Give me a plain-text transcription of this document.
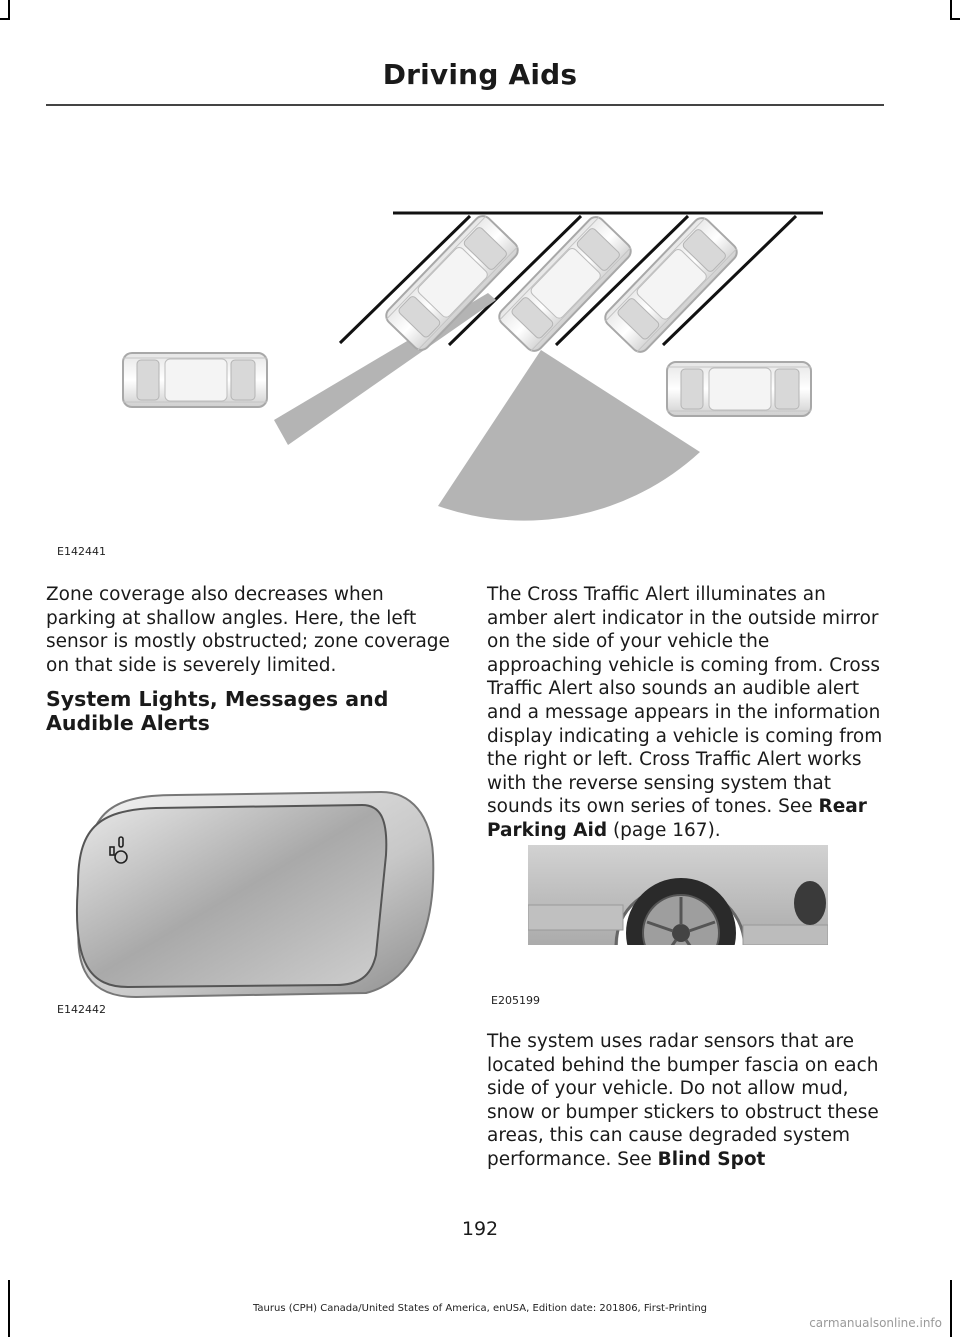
Driving Aids
E142441
Zone coverage also decreases when parking at shallow angles. Here, the left sensor is mostly obstructed; zone coverage on that side is severely limited.
System Lights, Messages and Audible Alerts
The Cross Traffic Alert illuminates an amber alert indicator in the outside mirror on the side of your vehicle the approaching vehicle is coming from. Cross Traffic Alert also sounds an audible alert and a message appears in the information display indicating a vehicle is coming from the right or left. Cross Traffic Alert works with the reverse sensing system that sounds its own series of tones. See Rear Parking Aid (page 167).
E142442
E205199
The system uses radar sensors that are located behind the bumper fascia on each side of your vehicle. Do not allow mud, snow or bumper stickers to obstruct these areas, this can cause degraded system performance. See Blind Spot
192
Taurus (CPH) Canada/United States of America, enUSA, Edition date: 201806, First-Printing
carmanualsonline.info
